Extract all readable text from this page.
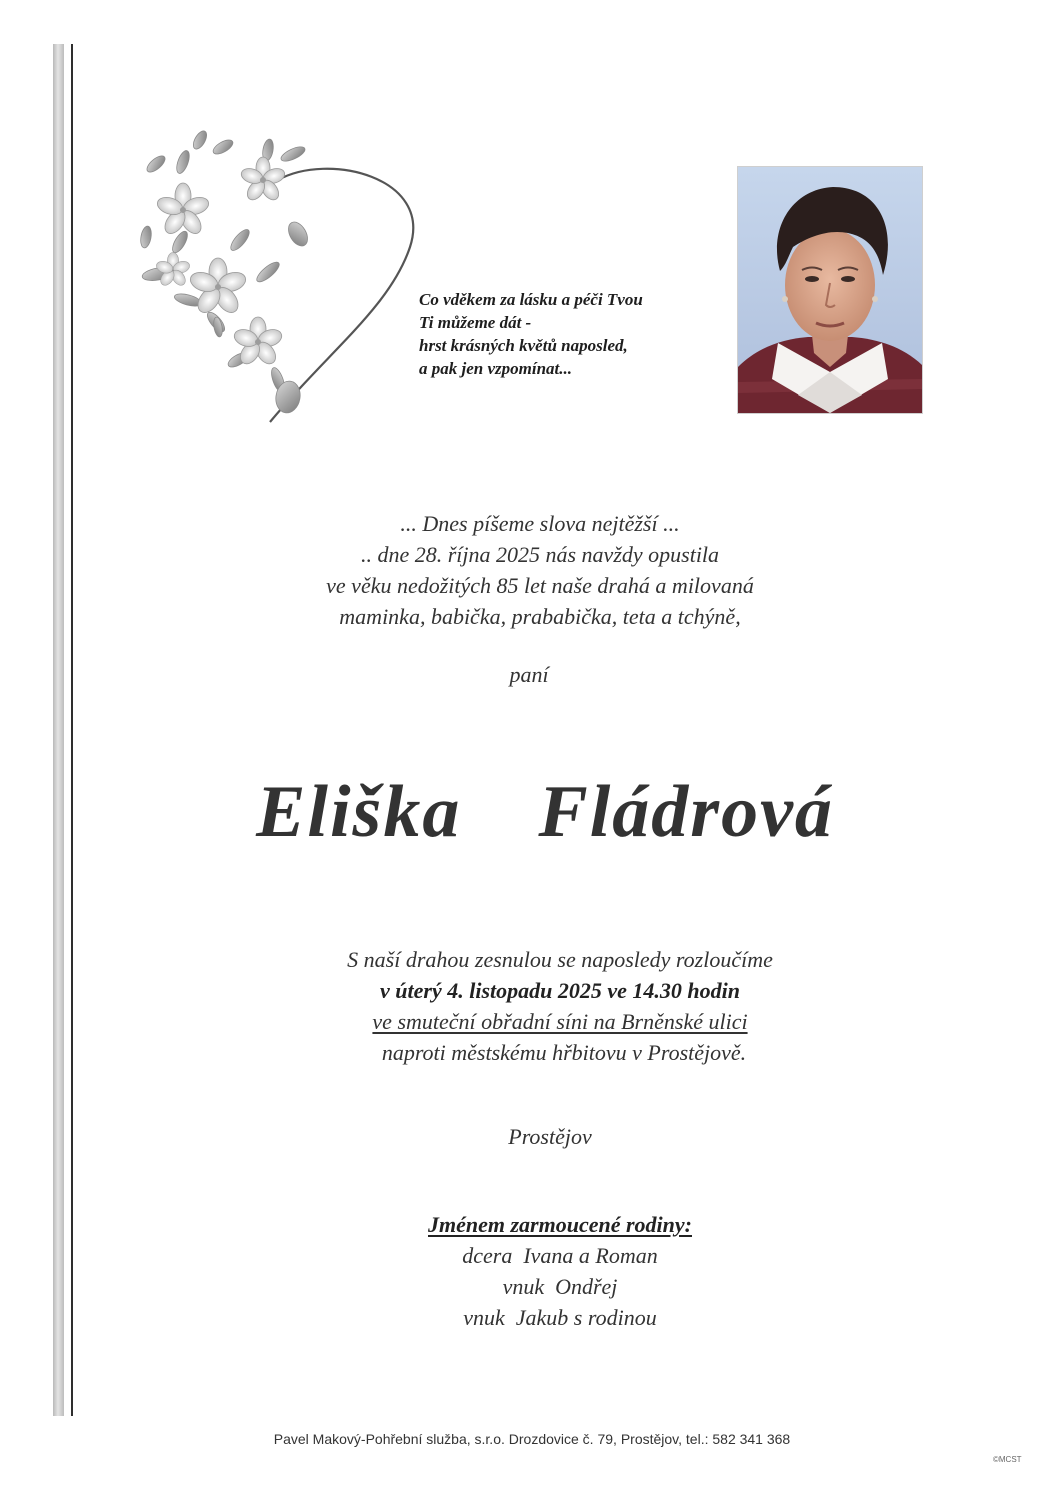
Co vděkem za lásku a péči Tvou
Ti můžeme dát -
hrst krásných květů naposled,
a pak jen vzpomínat...
... Dnes píšeme slova nejtěžší ...
.. dne 28. října 2025 nás navždy opustila
ve věku nedožitých 85 let naše drahá a milovaná
maminka, babička, prababička, teta a tchýně,
paní
Eliška  Fládrová
S naší drahou zesnulou se naposledy rozloučíme
v úterý 4. listopadu 2025 ve 14.30 hodin
ve smuteční obřadní síni na Brněnské ulici
naproti městskému hřbitovu v Prostějově.
Prostějov
Jménem zarmoucené rodiny:
dcera  Ivana a Roman
vnuk  Ondřej
vnuk  Jakub s rodinou
Pavel Makový-Pohřební služba, s.r.o. Drozdovice č. 79, Prostějov, tel.: 582 341 368
©MCST
